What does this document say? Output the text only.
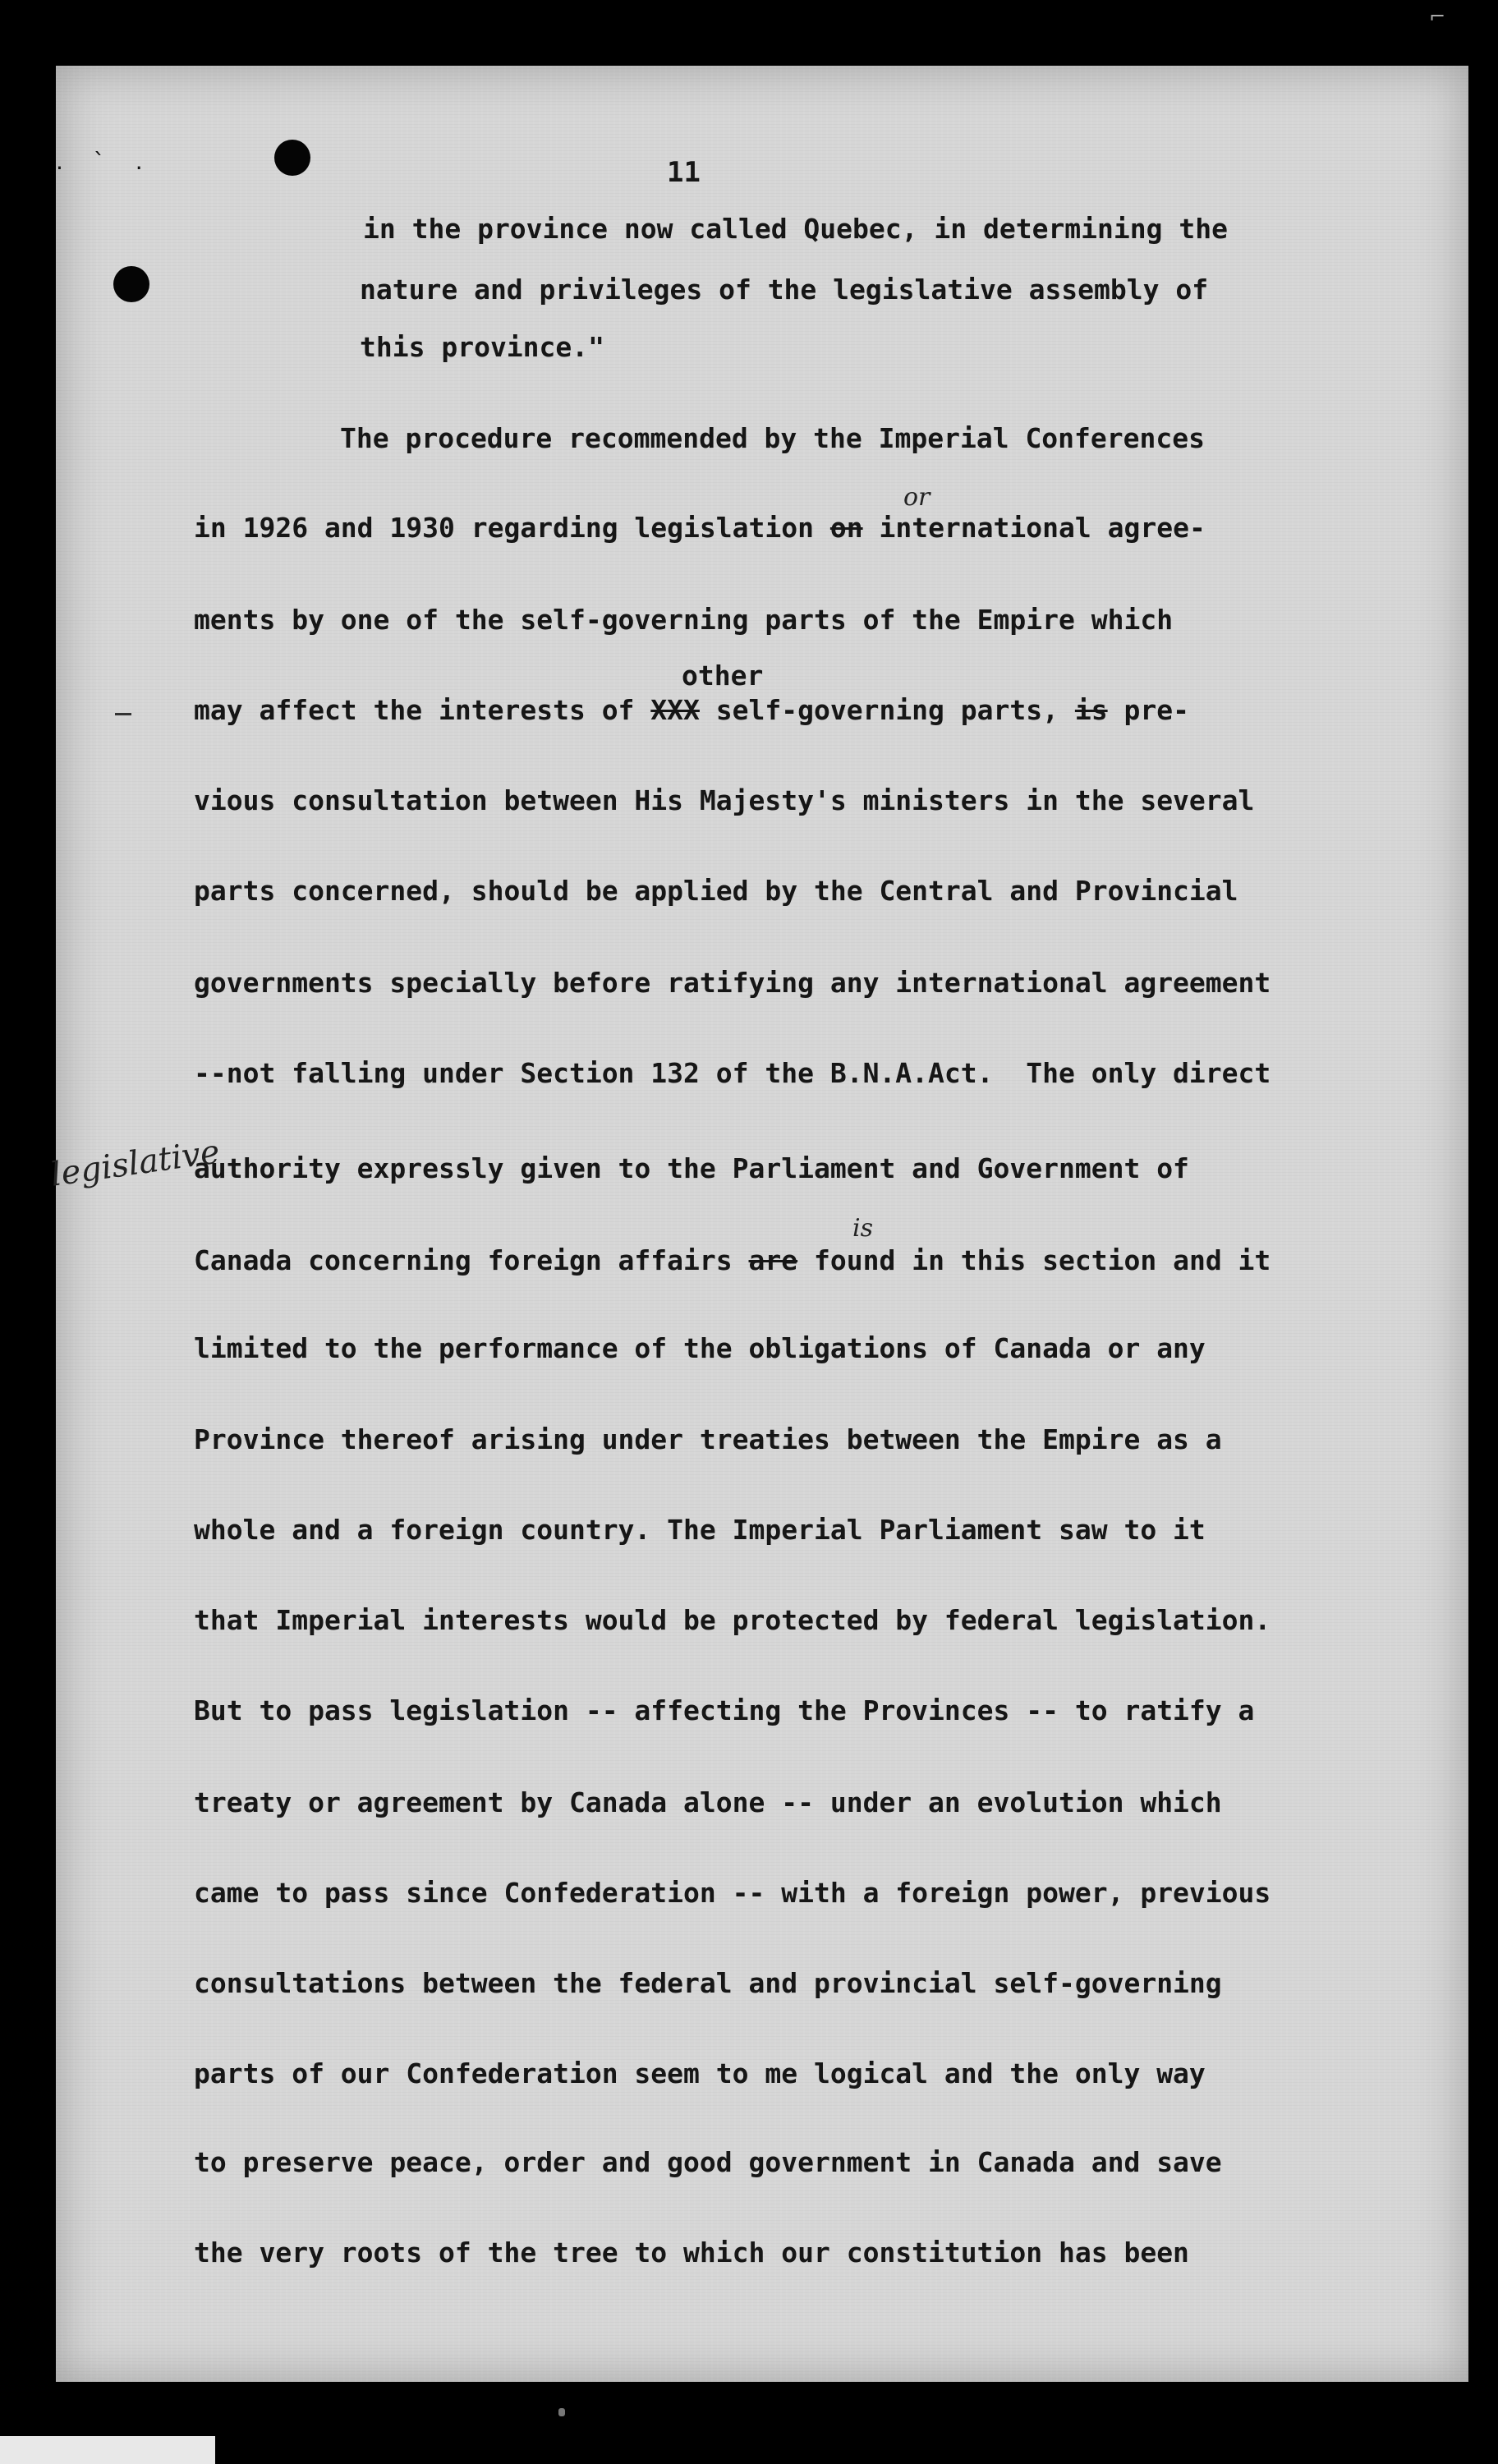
⌐
. ` .	11
in the province now called Quebec, in determining the
nature and privileges of the legislative assembly of
this province."
The procedure recommended by the Imperial Conferences
in 1926 and 1930 regarding legislation on international agree-
ments by one of the self-governing parts of the Empire which
may affect the interests of XXX self-governing parts, is pre-
vious consultation between His Majesty's ministers in the several
parts concerned, should be applied by the Central and Provincial
governments specially before ratifying any international agreement
--not falling under Section 132 of the B.N.A.Act.  The only direct
authority expressly given to the Parliament and Government of
Canada concerning foreign affairs are found in this section and it
limited to the performance of the obligations of Canada or any
Province thereof arising under treaties between the Empire as a
whole and a foreign country. The Imperial Parliament saw to it
that Imperial interests would be protected by federal legislation.
But to pass legislation -- affecting the Provinces -- to ratify a
treaty or agreement by Canada alone -- under an evolution which
came to pass since Confederation -- with a foreign power, previous
consultations between the federal and provincial self-governing
parts of our Confederation seem to me logical and the only way
to preserve peace, order and good government in Canada and save
the very roots of the tree to which our constitution has been
or
other
is
legislative
